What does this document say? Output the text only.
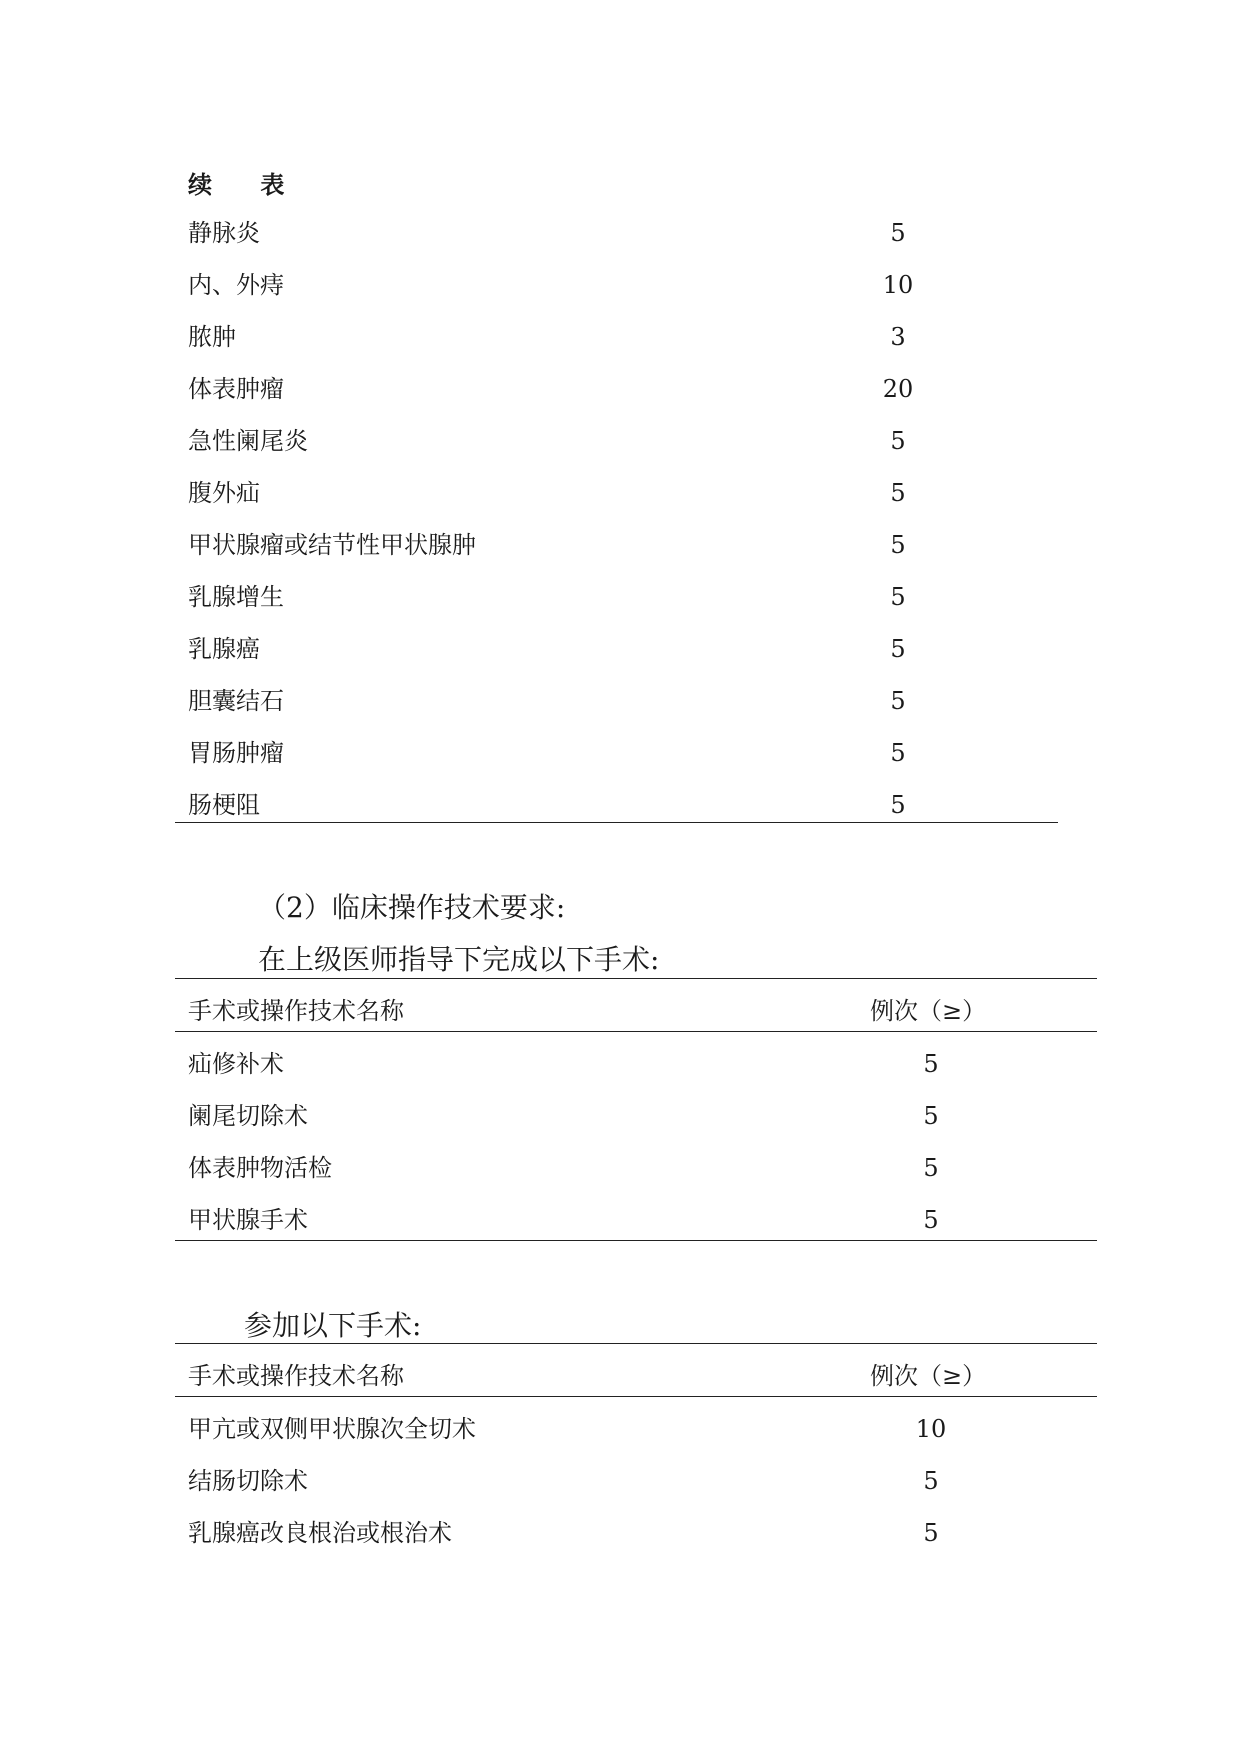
续 表
静脉炎	5
内、外痔	10
脓肿	3
体表肿瘤	20
急性阑尾炎	5
腹外疝	5
甲状腺瘤或结节性甲状腺肿	5
乳腺增生	5
乳腺癌	5
胆囊结石	5
胃肠肿瘤	5
肠梗阻	5
（2）临床操作技术要求:
在上级医师指导下完成以下手术:
手术或操作技术名称	例次（≥）
疝修补术	5
阑尾切除术	5
体表肿物活检	5
甲状腺手术	5
参加以下手术:
手术或操作技术名称	例次（≥）
甲亢或双侧甲状腺次全切术	10
结肠切除术	5
乳腺癌改良根治或根治术	5
